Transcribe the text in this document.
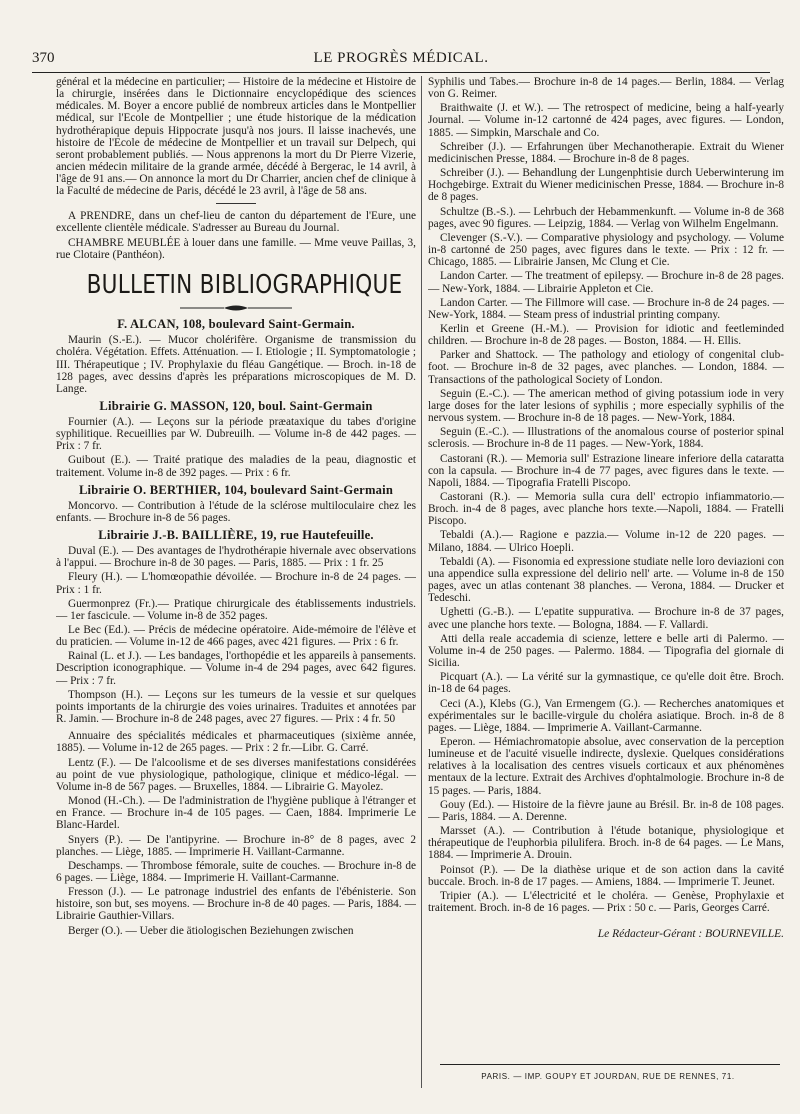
370	LE PROGRÈS MÉDICAL.

général et la médecine en particulier; — Histoire de la médecine et Histoire de la chirurgie, insérées dans le Dictionnaire encyclopédique des sciences médicales. M. Boyer a encore publié de nombreux articles dans le Montpellier médical, sur l'Ecole de Montpellier ; une étude historique de la médication hydrothérapique depuis Hippocrate jusqu'à nos jours. Il laisse inachevés, une histoire de l'Ecole de médecine de Montpellier et un travail sur Delpech, qui seront probablement publiés. — Nous apprenons la mort du Dr Pierre Vizerie, ancien médecin militaire de la grande armée, décédé à Bergerac, le 14 avril, à l'âge de 91 ans.— On annonce la mort du Dr Charrier, ancien chef de clinique à la Faculté de médecine de Paris, décédé le 23 avril, à l'âge de 58 ans.

A PRENDRE, dans un chef-lieu de canton du département de l'Eure, une excellente clientèle médicale. S'adresser au Bureau du Journal.

CHAMBRE MEUBLÉE à louer dans une famille. — Mme veuve Paillas, 3, rue Clotaire (Panthéon).

BULLETIN BIBLIOGRAPHIQUE
F. ALCAN, 108, boulevard Saint-Germain.

Maurin (S.-E.). — Mucor cholérifère. Organisme de transmission du choléra. Végétation. Effets. Atténuation. — I. Etiologie ; II. Symptomatologie ; III. Thérapeutique ; IV. Prophylaxie du fléau Gangétique. — Broch. in-18 de 128 pages, avec dessins d'après les préparations microscopiques de M. D. Lange.

Librairie G. MASSON, 120, boul. Saint-Germain

Fournier (A.). — Leçons sur la période præataxique du tabes d'origine syphilitique. Recueillies par W. Dubreuilh. — Volume in-8 de 442 pages. — Prix : 7 fr.

Guibout (E.). — Traité pratique des maladies de la peau, diagnostic et traitement. Volume in-8 de 392 pages. — Prix : 6 fr.

Librairie O. BERTHIER, 104, boulevard Saint-Germain

Moncorvo. — Contribution à l'étude de la sclérose multiloculaire chez les enfants. — Brochure in-8 de 56 pages.

Librairie J.-B. BAILLIÈRE, 19, rue Hautefeuille.

Duval (E.). — Des avantages de l'hydrothérapie hivernale avec observations à l'appui. — Brochure in-8 de 30 pages. — Paris, 1885. — Prix : 1 fr. 25

Fleury (H.). — L'homœopathie dévoilée. — Brochure in-8 de 24 pages. — Prix : 1 fr.

Guermonprez (Fr.).— Pratique chirurgicale des établissements industriels. — 1er fascicule. — Volume in-8 de 352 pages.

Le Bec (Ed.). — Précis de médecine opératoire. Aide-mémoire de l'élève et du praticien. — Volume in-12 de 466 pages, avec 421 figures. — Prix : 6 fr.

Rainal (L. et J.). — Les bandages, l'orthopédie et les appareils à pansements. Description iconographique. — Volume in-4 de 294 pages, avec 642 figures. — Prix : 7 fr.

Thompson (H.). — Leçons sur les tumeurs de la vessie et sur quelques points importants de la chirurgie des voies urinaires. Traduites et annotées par R. Jamin. — Brochure in-8 de 248 pages, avec 27 figures. — Prix : 4 fr. 50

Annuaire des spécialités médicales et pharmaceutiques (sixième année, 1885). — Volume in-12 de 265 pages. — Prix : 2 fr.—Libr. G. Carré.

Lentz (F.). — De l'alcoolisme et de ses diverses manifestations considérées au point de vue physiologique, pathologique, clinique et médico-légal. — Volume in-8 de 567 pages. — Bruxelles, 1884. — Librairie G. Mayolez.

Monod (H.-Ch.). — De l'administration de l'hygiène publique à l'étranger et en France. — Brochure in-4 de 105 pages. — Caen, 1884. Imprimerie Le Blanc-Hardel.

Snyers (P.). — De l'antipyrine. — Brochure in-8° de 8 pages, avec 2 planches. — Liège, 1885. — Imprimerie H. Vaillant-Carmanne.

Deschamps. — Thrombose fémorale, suite de couches. — Brochure in-8 de 6 pages. — Liège, 1884. — Imprimerie H. Vaillant-Carmanne.

Fresson (J.). — Le patronage industriel des enfants de l'ébénisterie. Son histoire, son but, ses moyens. — Brochure in-8 de 40 pages. — Paris, 1884. —Librairie Gauthier-Villars.

Berger (O.). — Ueber die ätiologischen Beziehungen zwischen

Syphilis und Tabes.— Brochure in-8 de 14 pages.— Berlin, 1884. — Verlag von G. Reimer.

Braithwaite (J. et W.). — The retrospect of medicine, being a half-yearly Journal. — Volume in-12 cartonné de 424 pages, avec figures. — London, 1885. — Simpkin, Marschale and Co.

Schreiber (J.). — Erfahrungen über Mechanotherapie. Extrait du Wiener medicinischen Presse, 1884. — Brochure in-8 de 8 pages.

Schreiber (J.). — Behandlung der Lungenphtisie durch Ueberwinterung im Hochgebirge. Extrait du Wiener medicinischen Presse, 1884. — Brochure in-8 de 8 pages.

Schultze (B.-S.). — Lehrbuch der Hebammenkunft. — Volume in-8 de 368 pages, avec 90 figures. — Leipzig, 1884. — Verlag von Wilhelm Engelmann.

Clevenger (S.-V.). — Comparative physiology and psychology. — Volume in-8 cartonné de 250 pages, avec figures dans le texte. — Prix : 12 fr. — Chicago, 1885. — Librairie Jansen, Mc Clung et Cie.

Landon Carter. — The treatment of epilepsy. — Brochure in-8 de 28 pages. — New-York, 1884. — Librairie Appleton et Cie.

Landon Carter. — The Fillmore will case. — Brochure in-8 de 24 pages. — New-York, 1884. — Steam press of industrial printing company.

Kerlin et Greene (H.-M.). — Provision for idiotic and feetleminded children. — Brochure in-8 de 28 pages. — Boston, 1884. — H. Ellis.

Parker and Shattock. — The pathology and etiology of congenital club-foot. — Brochure in-8 de 32 pages, avec planches. — London, 1884. — Transactions of the pathological Society of London.

Seguin (E.-C.). — The american method of giving potassium iode in very large doses for the later lesions of syphilis ; more especially syphilis of the nervous system. — Brochure in-8 de 18 pages. — New-York, 1884.

Seguin (E.-C.). — Illustrations of the anomalous course of posterior spinal sclerosis. — Brochure in-8 de 11 pages. — New-York, 1884.

Castorani (R.). — Memoria sull' Estrazione lineare inferiore della cataratta con la capsula. — Brochure in-4 de 77 pages, avec figures dans le texte. — Napoli, 1884. — Tipografia Fratelli Piscopo.

Castorani (R.). — Memoria sulla cura dell' ectropio infiammatorio.—Broch. in-4 de 8 pages, avec planche hors texte.—Napoli, 1884. — Fratelli Piscopo.

Tebaldi (A.).— Ragione e pazzia.— Volume in-12 de 220 pages. — Milano, 1884. — Ulrico Hoepli.

Tebaldi (A). — Fisonomia ed expressione studiate nelle loro deviazioni con una appendice sulla expressione del delirio nell' arte. — Volume in-8 de 150 pages, avec un atlas contenant 38 planches. — Verona, 1884. — Drucker et Tedeschi.

Ughetti (G.-B.). — L'epatite suppurativa. — Brochure in-8 de 37 pages, avec une planche hors texte. — Bologna, 1884. — F. Vallardi.

Atti della reale accademia di scienze, lettere e belle arti di Palermo. — Volume in-4 de 250 pages. — Palermo. 1884. — Tipografia del giornale di Sicilia.

Picquart (A.). — La vérité sur la gymnastique, ce qu'elle doit être. Broch. in-18 de 64 pages.

Ceci (A.), Klebs (G.), Van Ermengem (G.). — Recherches anatomiques et expérimentales sur le bacille-virgule du choléra asiatique. Broch. in-8 de 8 pages. — Liège, 1884. — Imprimerie A. Vaillant-Carmanne.

Eperon. — Hémiachromatopie absolue, avec conservation de la perception lumineuse et de l'acuité visuelle indirecte, dyslexie. Quelques considérations relatives à la localisation des centres visuels corticaux et aux phénomènes mentaux de la lecture. Extrait des Archives d'ophtalmologie. Brochure in-8 de 15 pages. — Paris, 1884.

Gouy (Ed.). — Histoire de la fièvre jaune au Brésil. Br. in-8 de 108 pages. — Paris, 1884. — A. Derenne.

Marsset (A.). — Contribution à l'étude botanique, physiologique et thérapeutique de l'euphorbia pilulifera. Broch. in-8 de 64 pages. — Le Mans, 1884. — Imprimerie A. Drouin.

Poinsot (P.). — De la diathèse urique et de son action dans la cavité buccale. Broch. in-8 de 17 pages. — Amiens, 1884. — Imprimerie T. Jeunet.

Tripier (A.). — L'électricité et le choléra. — Genèse, Prophylaxie et traitement. Broch. in-8 de 16 pages. — Prix : 50 c. — Paris, Georges Carré.

Le Rédacteur-Gérant : BOURNEVILLE.

PARIS. — IMP. GOUPY ET JOURDAN, RUE DE RENNES, 71.
